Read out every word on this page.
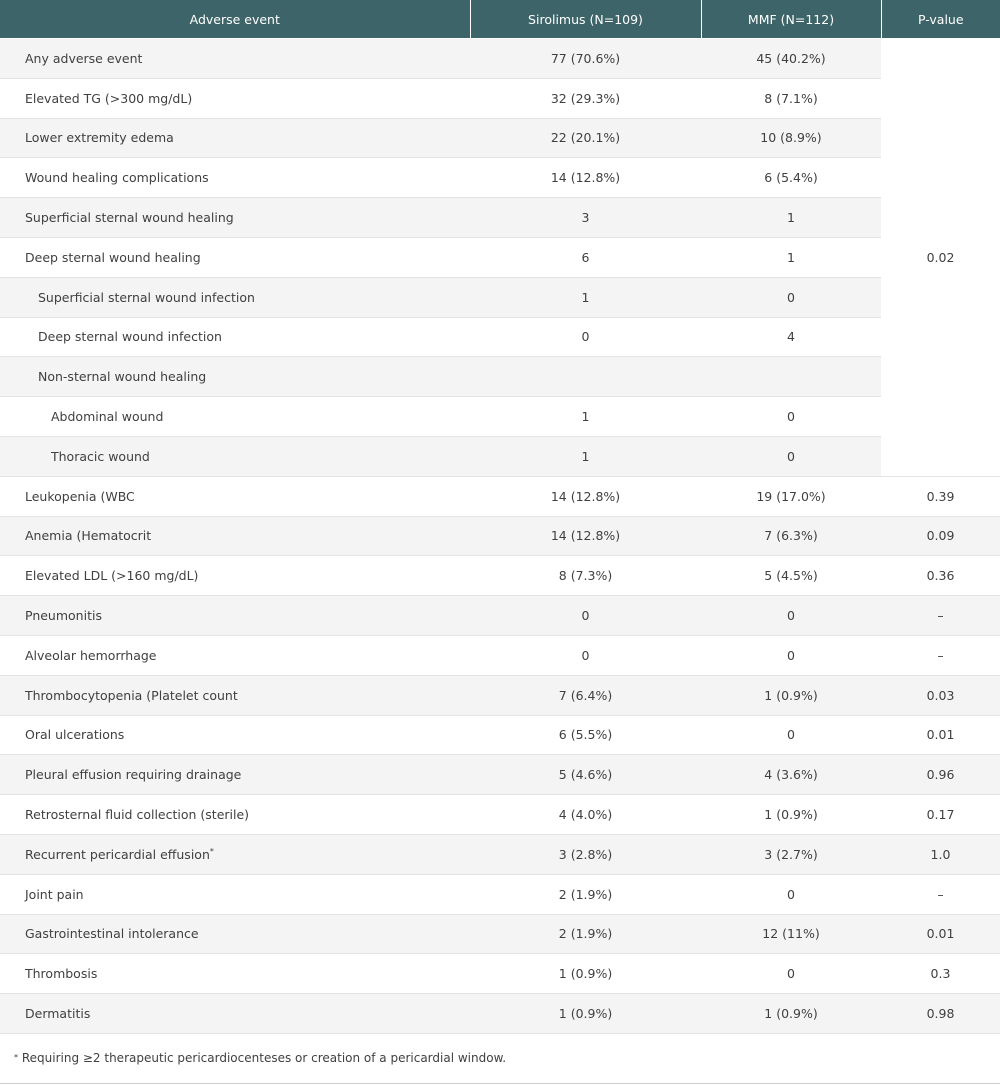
Adverse event	Sirolimus (N=109)	MMF (N=112)	P-value
Any adverse event	77 (70.6%)	45 (40.2%)	0.02
Elevated TG (>300 mg/dL)	32 (29.3%)	8 (7.1%)	
Lower extremity edema	22 (20.1%)	10 (8.9%)	
Wound healing complications	14 (12.8%)	6 (5.4%)	
Superficial sternal wound healing	3	1	
Deep sternal wound healing	6	1	
Superficial sternal wound infection	1	0	
Deep sternal wound infection	0	4	
Non-sternal wound healing			
Abdominal wound	1	0	
Thoracic wound	1	0	
Leukopenia (WBC	14 (12.8%)	19 (17.0%)	0.39
Anemia (Hematocrit	14 (12.8%)	7 (6.3%)	0.09
Elevated LDL (>160 mg/dL)	8 (7.3%)	5 (4.5%)	0.36
Pneumonitis	0	0	–
Alveolar hemorrhage	0	0	–
Thrombocytopenia (Platelet count	7 (6.4%)	1 (0.9%)	0.03
Oral ulcerations	6 (5.5%)	0	0.01
Pleural effusion requiring drainage	5 (4.6%)	4 (3.6%)	0.96
Retrosternal fluid collection (sterile)	4 (4.0%)	1 (0.9%)	0.17
Recurrent pericardial effusion*	3 (2.8%)	3 (2.7%)	1.0
Joint pain	2 (1.9%)	0	–
Gastrointestinal intolerance	2 (1.9%)	12 (11%)	0.01
Thrombosis	1 (0.9%)	0	0.3
Dermatitis	1 (0.9%)	1 (0.9%)	0.98
*
Requiring ≥2 therapeutic pericardiocenteses or creation of a pericardial window.
